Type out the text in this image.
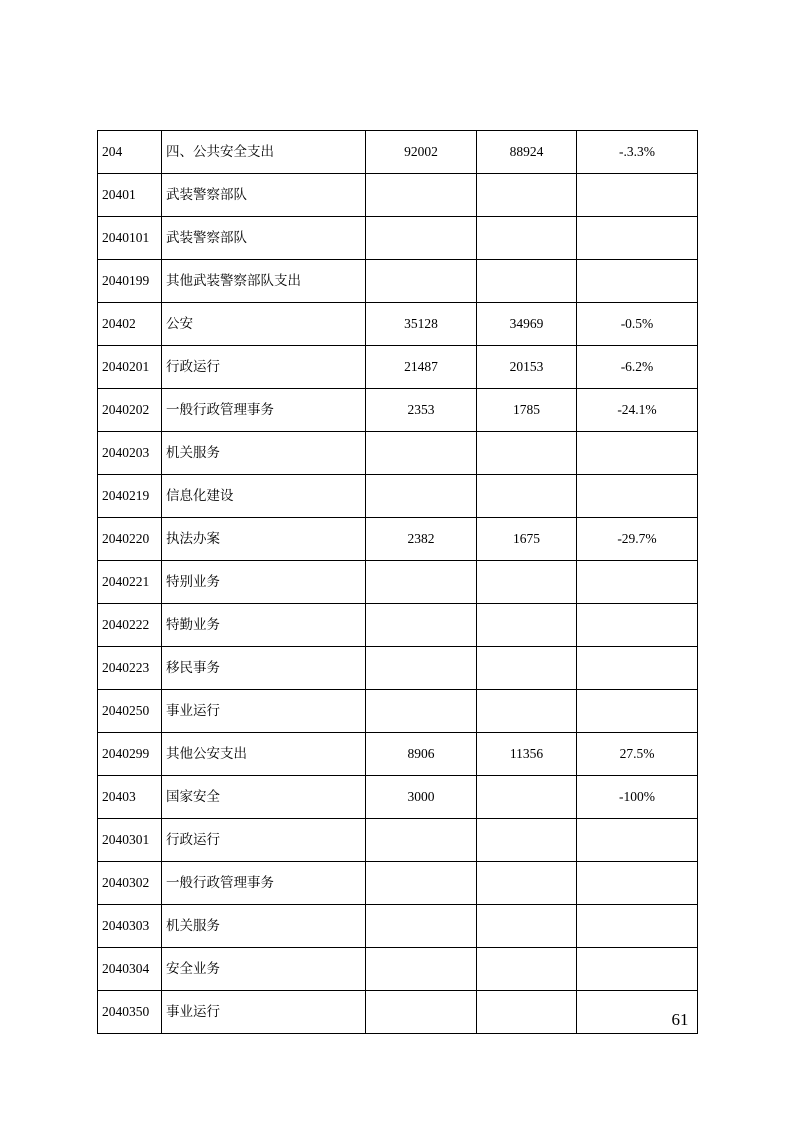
204	四、公共安全支出	92002	88924	-.3.3%
20401	武装警察部队			
2040101	武装警察部队			
2040199	其他武装警察部队支出			
20402	公安	35128	34969	-0.5%
2040201	行政运行	21487	20153	-6.2%
2040202	一般行政管理事务	2353	1785	-24.1%
2040203	机关服务			
2040219	信息化建设			
2040220	执法办案	2382	1675	-29.7%
2040221	特别业务			
2040222	特勤业务			
2040223	移民事务			
2040250	事业运行			
2040299	其他公安支出	8906	11356	27.5%
20403	国家安全	3000		-100%
2040301	行政运行			
2040302	一般行政管理事务			
2040303	机关服务			
2040304	安全业务			
2040350	事业运行				61
